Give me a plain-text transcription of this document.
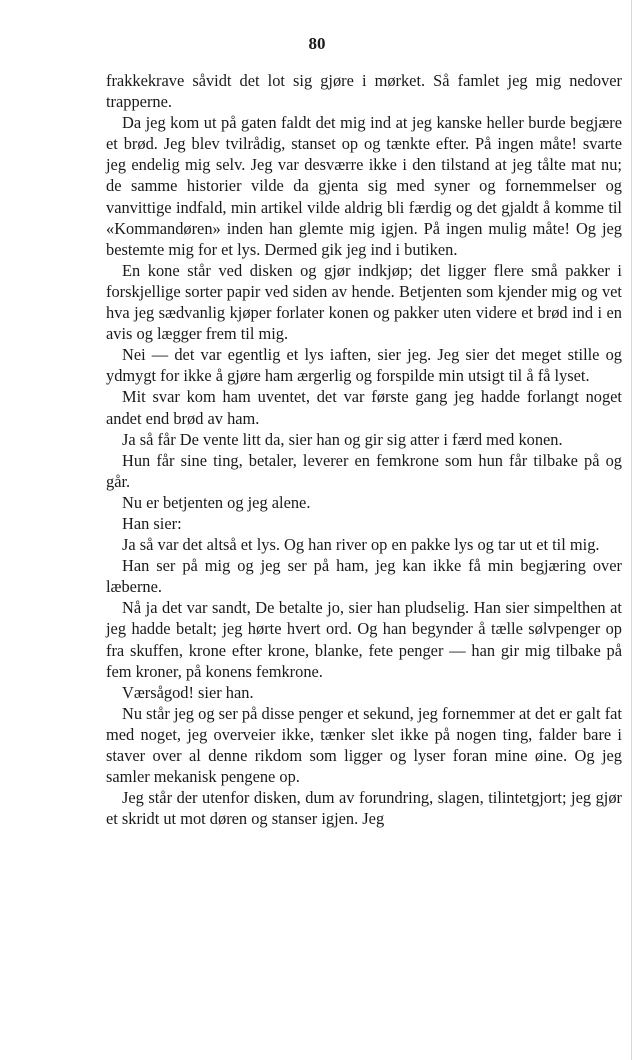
80

frakkekrave såvidt det lot sig gjøre i mørket. Så famlet jeg mig nedover trapperne.

Da jeg kom ut på gaten faldt det mig ind at jeg kanske heller burde begjære et brød. Jeg blev tvilrådig, stanset op og tænkte efter. På ingen måte! svarte jeg endelig mig selv. Jeg var desværre ikke i den tilstand at jeg tålte mat nu; de samme historier vilde da gjenta sig med syner og fornemmelser og vanvittige indfald, min artikel vilde aldrig bli færdig og det gjaldt å komme til «Kommandøren» inden han glemte mig igjen. På ingen mulig måte! Og jeg bestemte mig for et lys. Dermed gik jeg ind i butiken.

En kone står ved disken og gjør indkjøp; det ligger flere små pakker i forskjellige sorter papir ved siden av hende. Betjenten som kjender mig og vet hva jeg sædvanlig kjøper forlater konen og pakker uten videre et brød ind i en avis og lægger frem til mig.

Nei — det var egentlig et lys iaften, sier jeg. Jeg sier det meget stille og ydmygt for ikke å gjøre ham ærgerlig og forspilde min utsigt til å få lyset.

Mit svar kom ham uventet, det var første gang jeg hadde forlangt noget andet end brød av ham.

Ja så får De vente litt da, sier han og gir sig atter i færd med konen.

Hun får sine ting, betaler, leverer en femkrone som hun får tilbake på og går.

Nu er betjenten og jeg alene.

Han sier:

Ja så var det altså et lys. Og han river op en pakke lys og tar ut et til mig.

Han ser på mig og jeg ser på ham, jeg kan ikke få min begjæring over læberne.

Nå ja det var sandt, De betalte jo, sier han pludselig. Han sier simpelthen at jeg hadde betalt; jeg hørte hvert ord. Og han begynder å tælle sølvpenger op fra skuffen, krone efter krone, blanke, fete penger — han gir mig tilbake på fem kroner, på konens femkrone.

Værsågod! sier han.

Nu står jeg og ser på disse penger et sekund, jeg fornemmer at det er galt fat med noget, jeg overveier ikke, tænker slet ikke på nogen ting, falder bare i staver over al denne rikdom som ligger og lyser foran mine øine. Og jeg samler mekanisk pengene op.

Jeg står der utenfor disken, dum av forundring, slagen, tilintetgjort; jeg gjør et skridt ut mot døren og stanser igjen. Jeg
